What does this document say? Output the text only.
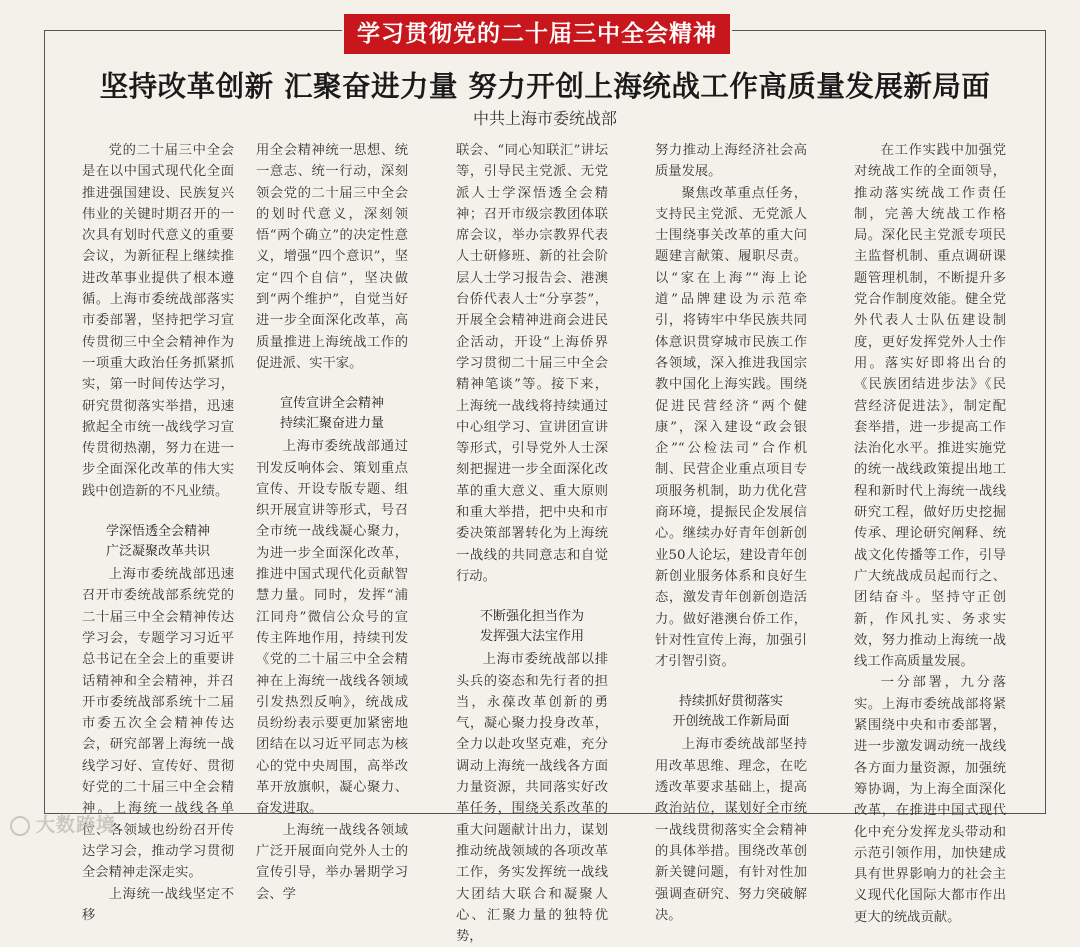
学习贯彻党的二十届三中全会精神
坚持改革创新 汇聚奋进力量 努力开创上海统战工作高质量发展新局面
中共上海市委统战部

党的二十届三中全会是在以中国式现代化全面推进强国建设、民族复兴伟业的关键时期召开的一次具有划时代意义的重要会议，为新征程上继续推进改革事业提供了根本遵循。上海市委统战部落实市委部署，坚持把学习宣传贯彻三中全会精神作为一项重大政治任务抓紧抓实，第一时间传达学习，研究贯彻落实举措，迅速掀起全市统一战线学习宣传贯彻热潮，努力在进一步全面深化改革的伟大实践中创造新的不凡业绩。

学深悟透全会精神
广泛凝聚改革共识

上海市委统战部迅速召开市委统战部系统党的二十届三中全会精神传达学习会，专题学习习近平总书记在全会上的重要讲话精神和全会精神，并召开市委统战部系统十二届市委五次全会精神传达会，研究部署上海统一战线学习好、宣传好、贯彻好党的二十届三中全会精神。上海统一战线各单位、各领域也纷纷召开传达学习会，推动学习贯彻全会精神走深走实。

上海统一战线坚定不移

用全会精神统一思想、统一意志、统一行动，深刻领会党的二十届三中全会的划时代意义，深刻领悟“两个确立”的决定性意义，增强“四个意识”，坚定“四个自信”，坚决做到“两个维护”，自觉当好进一步全面深化改革，高质量推进上海统战工作的促进派、实干家。

宣传宣讲全会精神
持续汇聚奋进力量

上海市委统战部通过刊发反响体会、策划重点宣传、开设专版专题、组织开展宣讲等形式，号召全市统一战线凝心聚力，为进一步全面深化改革，推进中国式现代化贡献智慧力量。同时，发挥“浦江同舟”微信公众号的宣传主阵地作用，持续刊发《党的二十届三中全会精神在上海统一战线各领域引发热烈反响》，统战成员纷纷表示要更加紧密地团结在以习近平同志为核心的党中央周围，高举改革开放旗帜，凝心聚力、奋发进取。

上海统一战线各领域广泛开展面向党外人士的宣传引导，举办暑期学习会、学

联会、“同心知联汇”讲坛等，引导民主党派、无党派人士学深悟透全会精神；召开市级宗教团体联席会议，举办宗教界代表人士研修班、新的社会阶层人士学习报告会、港澳台侨代表人士“分享荟”，开展全会精神进商会进民企活动，开设“上海侨界学习贯彻二十届三中全会精神笔谈”等。接下来，上海统一战线将持续通过中心组学习、宣讲团宣讲等形式，引导党外人士深刻把握进一步全面深化改革的重大意义、重大原则和重大举措，把中央和市委决策部署转化为上海统一战线的共同意志和自觉行动。

不断强化担当作为
发挥强大法宝作用

上海市委统战部以排头兵的姿态和先行者的担当，永葆改革创新的勇气，凝心聚力投身改革，全力以赴攻坚克难，充分调动上海统一战线各方面力量资源，共同落实好改革任务，围绕关系改革的重大问题献计出力，谋划推动统战领域的各项改革工作，务实发挥统一战线大团结大联合和凝聚人心、汇聚力量的独特优势，

努力推动上海经济社会高质量发展。

聚焦改革重点任务，支持民主党派、无党派人士围绕事关改革的重大问题建言献策、履职尽责。以“家在上海”“海上论道”品牌建设为示范牵引，将铸牢中华民族共同体意识贯穿城市民族工作各领域，深入推进我国宗教中国化上海实践。围绕促进民营经济“两个健康”，深入建设“政会银企”“公检法司”合作机制、民营企业重点项目专项服务机制，助力优化营商环境，提振民企发展信心。继续办好青年创新创业50人论坛，建设青年创新创业服务体系和良好生态，激发青年创新创造活力。做好港澳台侨工作，针对性宣传上海，加强引才引智引资。

持续抓好贯彻落实
开创统战工作新局面

上海市委统战部坚持用改革思维、理念，在吃透改革要求基础上，提高政治站位，谋划好全市统一战线贯彻落实全会精神的具体举措。围绕改革创新关键问题，有针对性加强调查研究、努力突破解决。

在工作实践中加强党对统战工作的全面领导，推动落实统战工作责任制，完善大统战工作格局。深化民主党派专项民主监督机制、重点调研课题管理机制，不断提升多党合作制度效能。健全党外代表人士队伍建设制度，更好发挥党外人士作用。落实好即将出台的《民族团结进步法》《民营经济促进法》，制定配套举措，进一步提高工作法治化水平。推进实施党的统一战线政策提出地工程和新时代上海统一战线研究工程，做好历史挖掘传承、理论研究阐释、统战文化传播等工作，引导广大统战成员起而行之、团结奋斗。坚持守正创新，作风扎实、务求实效，努力推动上海统一战线工作高质量发展。

一分部署，九分落实。上海市委统战部将紧紧围绕中央和市委部署，进一步激发调动统一战线各方面力量资源，加强统筹协调，为上海全面深化改革，在推进中国式现代化中充分发挥龙头带动和示范引领作用，加快建成具有世界影响力的社会主义现代化国际大都市作出更大的统战贡献。

大数跨境
